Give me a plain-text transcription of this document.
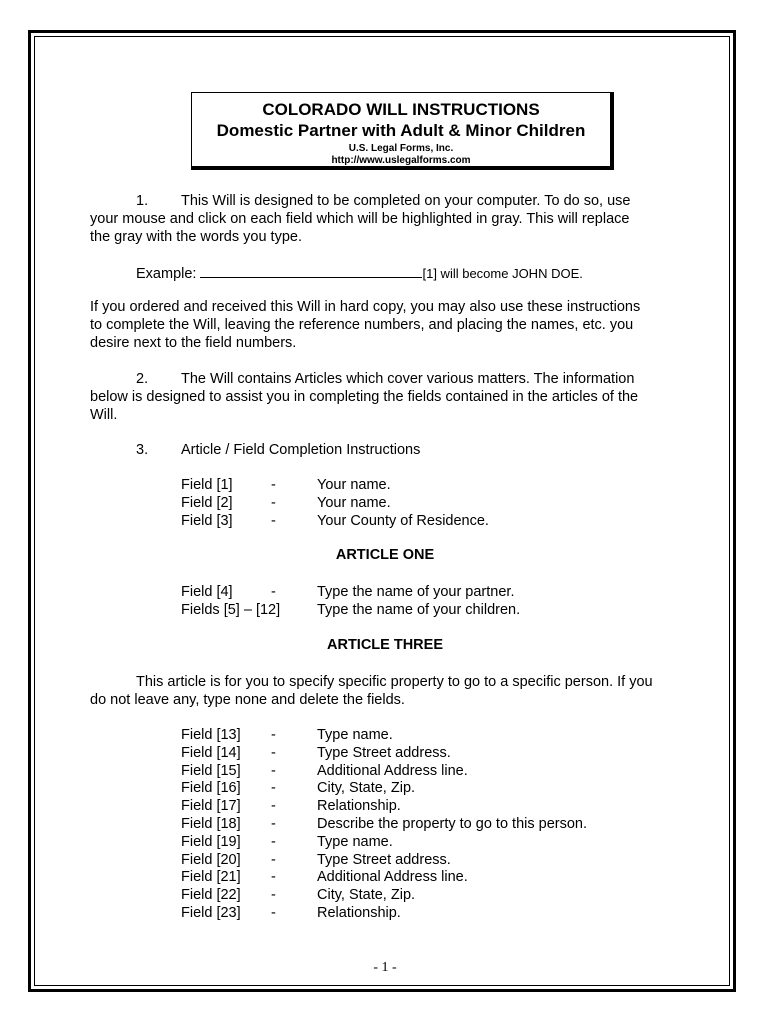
COLORADO WILL INSTRUCTIONS
Domestic Partner with Adult & Minor Children
U.S. Legal Forms, Inc.
http://www.uslegalforms.com
1. This Will is designed to be completed on your computer. To do so, use
your mouse and click on each field which will be highlighted in gray. This will replace
the gray with the words you type.
Example:	[1] will become JOHN DOE.
If you ordered and received this Will in hard copy, you may also use these instructions
to complete the Will, leaving the reference numbers, and placing the names, etc. you
desire next to the field numbers.
2. The Will contains Articles which cover various matters. The information
below is designed to assist you in completing the fields contained in the articles of the
Will.
3. Article / Field Completion Instructions
Field [1]	-	Your name.
Field [2]	-	Your name.
Field [3]	-	Your County of Residence.
ARTICLE ONE
Field [4]	-	Type the name of your partner.
Fields [5] – [12]	Type the name of your children.
ARTICLE THREE
This article is for you to specify specific property to go to a specific person. If you
do not leave any, type none and delete the fields.
Field [13] -	Type name.
Field [14] -	Type Street address.
Field [15] -	Additional Address line.
Field [16] -	City, State, Zip.
Field [17] -	Relationship.
Field [18] -	Describe the property to go to this person.
Field [19] -	Type name.
Field [20] -	Type Street address.
Field [21] -	Additional Address line.
Field [22] -	City, State, Zip.
Field [23] -	Relationship.
- 1 -
